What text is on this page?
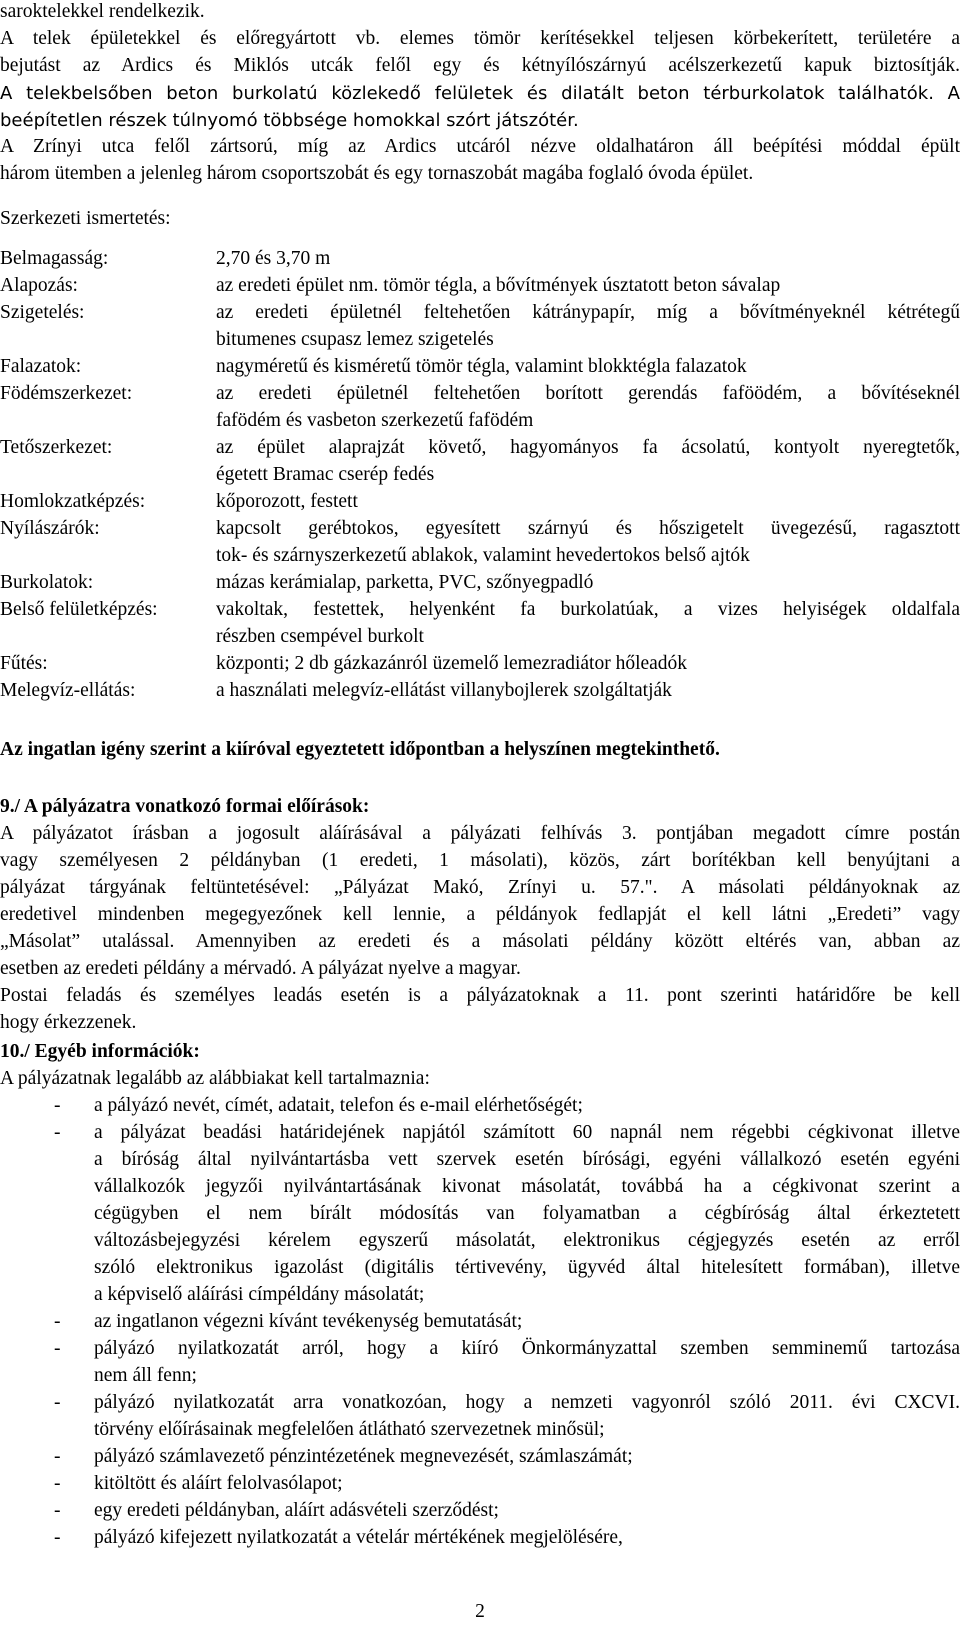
saroktelekkel rendelkezik.
A telek épületekkel és előregyártott vb. elemes tömör kerítésekkel teljesen körbekerített, területére a
bejutást az Ardics és Miklós utcák felől egy és kétnyílószárnyú acélszerkezetű kapuk biztosítják.
A telekbelsőben beton burkolatú közlekedő felületek és dilatált beton térburkolatok találhatók. A
beépítetlen részek túlnyomó többsége homokkal szórt játszótér.
A Zrínyi utca felől zártsorú, míg az Ardics utcáról nézve oldalhatáron áll beépítési móddal épült
három ütemben a jelenleg három csoportszobát és egy tornaszobát magába foglaló óvoda épület.
Szerkezeti ismertetés:
Belmagasság:	2,70 és 3,70 m
Alapozás:	az eredeti épület nm. tömör tégla, a bővítmények úsztatott beton sávalap
Szigetelés:	az eredeti épületnél feltehetően kátránypapír, míg a bővítményeknél kétrétegű
bitumenes csupasz lemez szigetelés
Falazatok:	nagyméretű és kisméretű tömör tégla, valamint blokktégla falazatok
Födémszerkezet:	az eredeti épületnél feltehetően borított gerendás faföödém, a bővítéseknél
fafödém és vasbeton szerkezetű fafödém
Tetőszerkezet:	az épület alaprajzát követő, hagyományos fa ácsolatú, kontyolt nyeregtetők,
égetett Bramac cserép fedés
Homlokzatképzés:	kőporozott, festett
Nyílászárók:	kapcsolt gerébtokos, egyesített szárnyú és hőszigetelt üvegezésű, ragasztott
tok- és szárnyszerkezetű ablakok, valamint hevedertokos belső ajtók
Burkolatok:	mázas kerámialap, parketta, PVC, szőnyegpadló
Belső felületképzés:	vakoltak, festettek, helyenként fa burkolatúak, a vizes helyiségek oldalfala
részben csempével burkolt
Fűtés:	központi; 2 db gázkazánról üzemelő lemezradiátor hőleadók
Melegvíz-ellátás:	a használati melegvíz-ellátást villanybojlerek szolgáltatják
Az ingatlan igény szerint a kiíróval egyeztetett időpontban a helyszínen megtekinthető.
9./ A pályázatra vonatkozó formai előírások:
A pályázatot írásban a jogosult aláírásával a pályázati felhívás 3. pontjában megadott címre postán
vagy személyesen 2 példányban (1 eredeti, 1 másolati), közös, zárt borítékban kell benyújtani a
pályázat tárgyának feltüntetésével: „Pályázat Makó, Zrínyi u. 57.". A másolati példányoknak az
eredetivel mindenben megegyezőnek kell lennie, a példányok fedlapját el kell látni „Eredeti” vagy
„Másolat” utalással. Amennyiben az eredeti és a másolati példány között eltérés van, abban az
esetben az eredeti példány a mérvadó. A pályázat nyelve a magyar.
Postai feladás és személyes leadás esetén is a pályázatoknak a 11. pont szerinti határidőre be kell
hogy érkezzenek.
10./ Egyéb információk:
A pályázatnak legalább az alábbiakat kell tartalmaznia:
- a pályázó nevét, címét, adatait, telefon és e-mail elérhetőségét;
- a pályázat beadási határidejének napjától számított 60 napnál nem régebbi cégkivonat illetve
a bíróság által nyilvántartásba vett szervek esetén bírósági, egyéni vállalkozó esetén egyéni
vállalkozók jegyzői nyilvántartásának kivonat másolatát, továbbá ha a cégkivonat szerint a
cégügyben el nem bírált módosítás van folyamatban a cégbíróság által érkeztetett
változásbejegyzési kérelem egyszerű másolatát, elektronikus cégjegyzés esetén az erről
szóló elektronikus igazolást (digitális tértivevény, ügyvéd által hitelesített formában), illetve
a képviselő aláírási címpéldány másolatát;
- az ingatlanon végezni kívánt tevékenység bemutatását;
- pályázó nyilatkozatát arról, hogy a kiíró Önkormányzattal szemben semminemű tartozása
nem áll fenn;
- pályázó nyilatkozatát arra vonatkozóan, hogy a nemzeti vagyonról szóló 2011. évi CXCVI.
törvény előírásainak megfelelően átlátható szervezetnek minősül;
- pályázó számlavezető pénzintézetének megnevezését, számlaszámát;
- kitöltött és aláírt felolvasólapot;
- egy eredeti példányban, aláírt adásvételi szerződést;
- pályázó kifejezett nyilatkozatát a vételár mértékének megjelölésére,
2
